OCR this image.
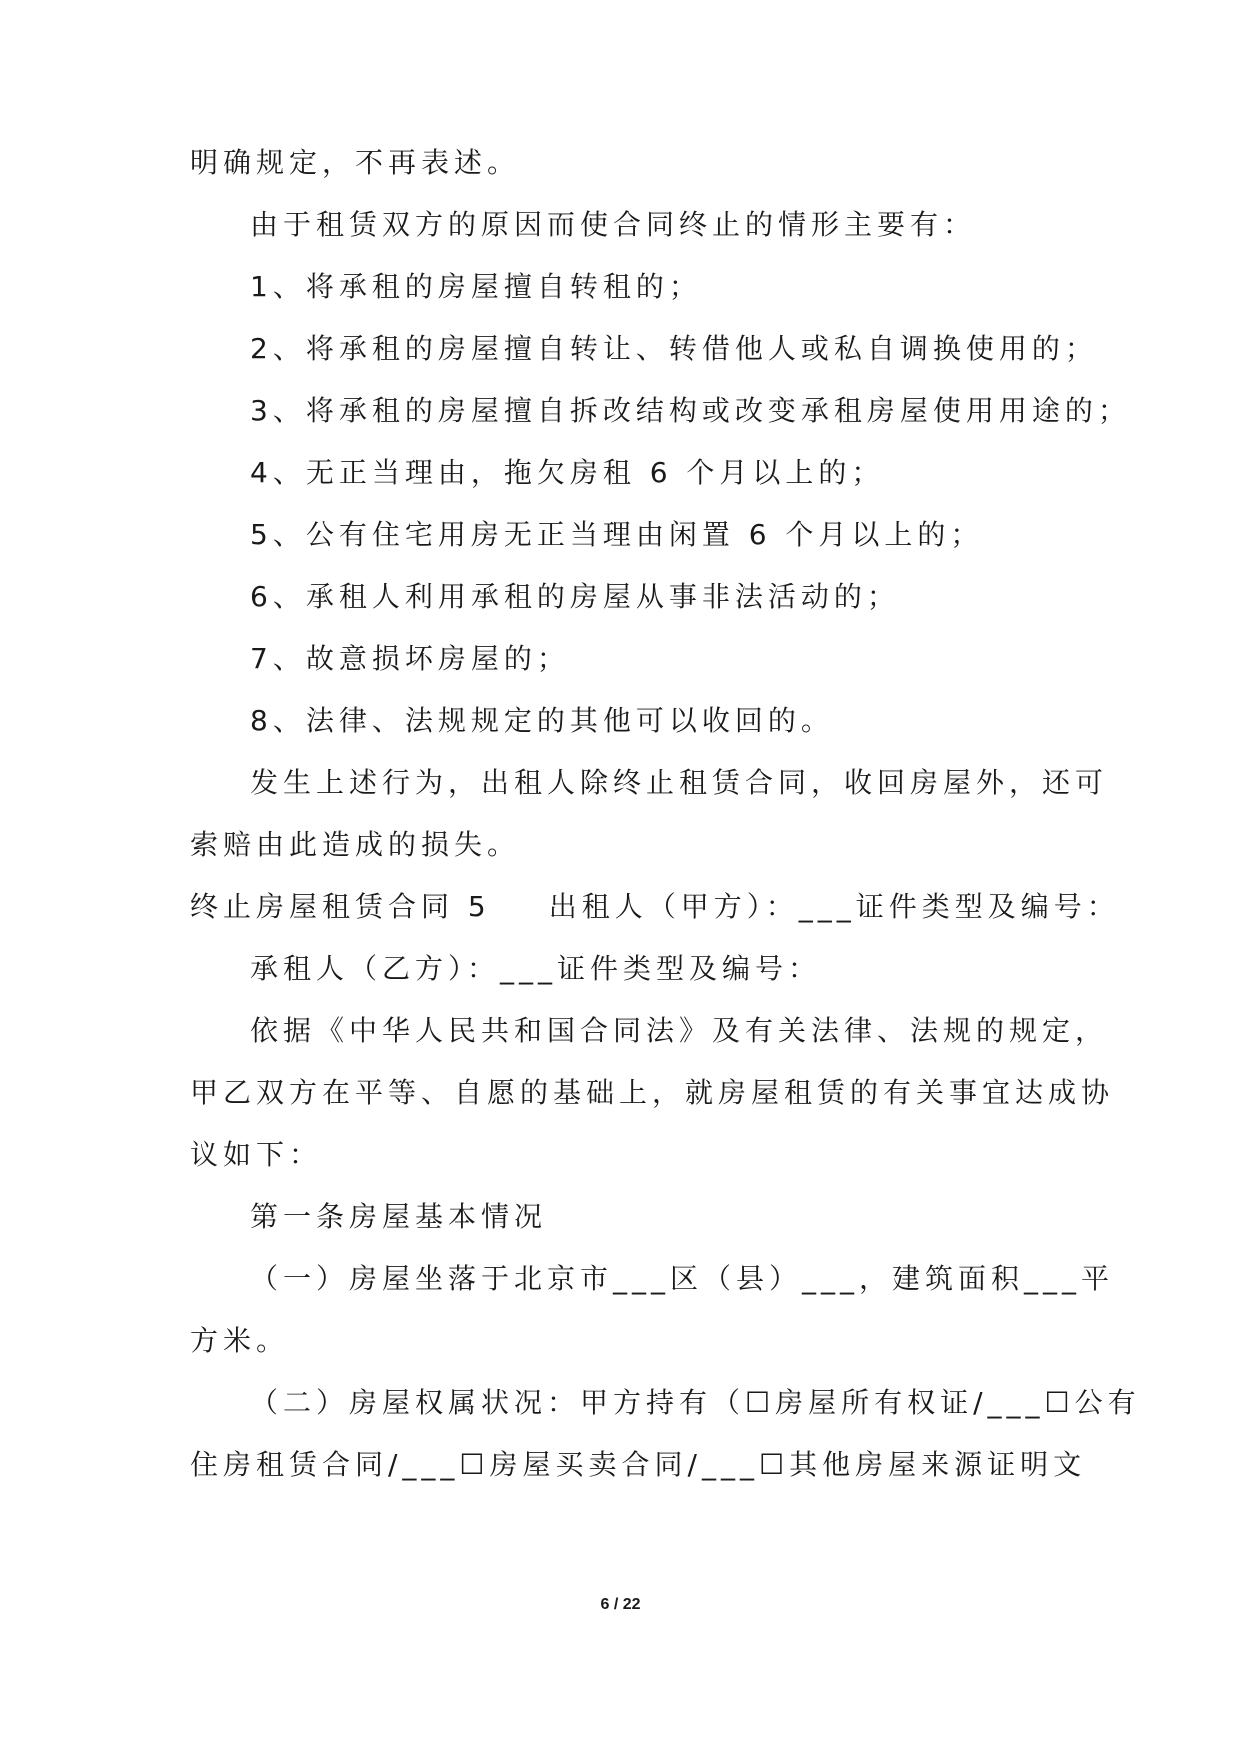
明确规定，不再表述。
由于租赁双方的原因而使合同终止的情形主要有：
1、将承租的房屋擅自转租的；
2、将承租的房屋擅自转让、转借他人或私自调换使用的；
3、将承租的房屋擅自拆改结构或改变承租房屋使用用途的；
4、无正当理由，拖欠房租 6 个月以上的；
5、公有住宅用房无正当理由闲置 6 个月以上的；
6、承租人利用承租的房屋从事非法活动的；
7、故意损坏房屋的；
8、法律、法规规定的其他可以收回的。
发生上述行为，出租人除终止租赁合同，收回房屋外，还可
索赔由此造成的损失。
终止房屋租赁合同 5 出租人（甲方）：___证件类型及编号：
承租人（乙方）：___证件类型及编号：
依据《中华人民共和国合同法》及有关法律、法规的规定，
甲乙双方在平等、自愿的基础上，就房屋租赁的有关事宜达成协
议如下：
第一条房屋基本情况
（一）房屋坐落于北京市___区（县）___，建筑面积___平
方米。
（二）房屋权属状况：甲方持有（☐房屋所有权证/___☐公有
住房租赁合同/___☐房屋买卖合同/___☐其他房屋来源证明文
6 / 22
